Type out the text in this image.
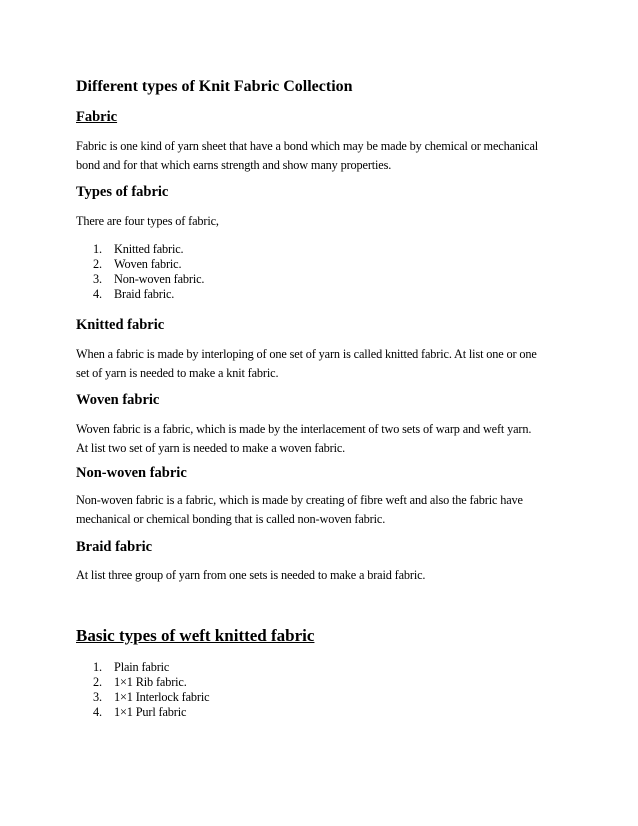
Different types of Knit Fabric Collection
Fabric
Fabric is one kind of yarn sheet that have a bond which may be made by chemical or mechanical
bond and for that which earns strength and show many properties.
Types of fabric
There are four types of fabric,
1. Knitted fabric.
2. Woven fabric.
3. Non-woven fabric.
4. Braid fabric.
Knitted fabric
When a fabric is made by interloping of one set of yarn is called knitted fabric. At list one or one
set of yarn is needed to make a knit fabric.
Woven fabric
Woven fabric is a fabric, which is made by the interlacement of two sets of warp and weft yarn.
At list two set of yarn is needed to make a woven fabric.
Non-woven fabric
Non-woven fabric is a fabric, which is made by creating of fibre weft and also the fabric have
mechanical or chemical bonding that is called non-woven fabric.
Braid fabric
At list three group of yarn from one sets is needed to make a braid fabric.
Basic types of weft knitted fabric
1. Plain fabric
2. 1×1 Rib fabric.
3. 1×1 Interlock fabric
4. 1×1 Purl fabric
